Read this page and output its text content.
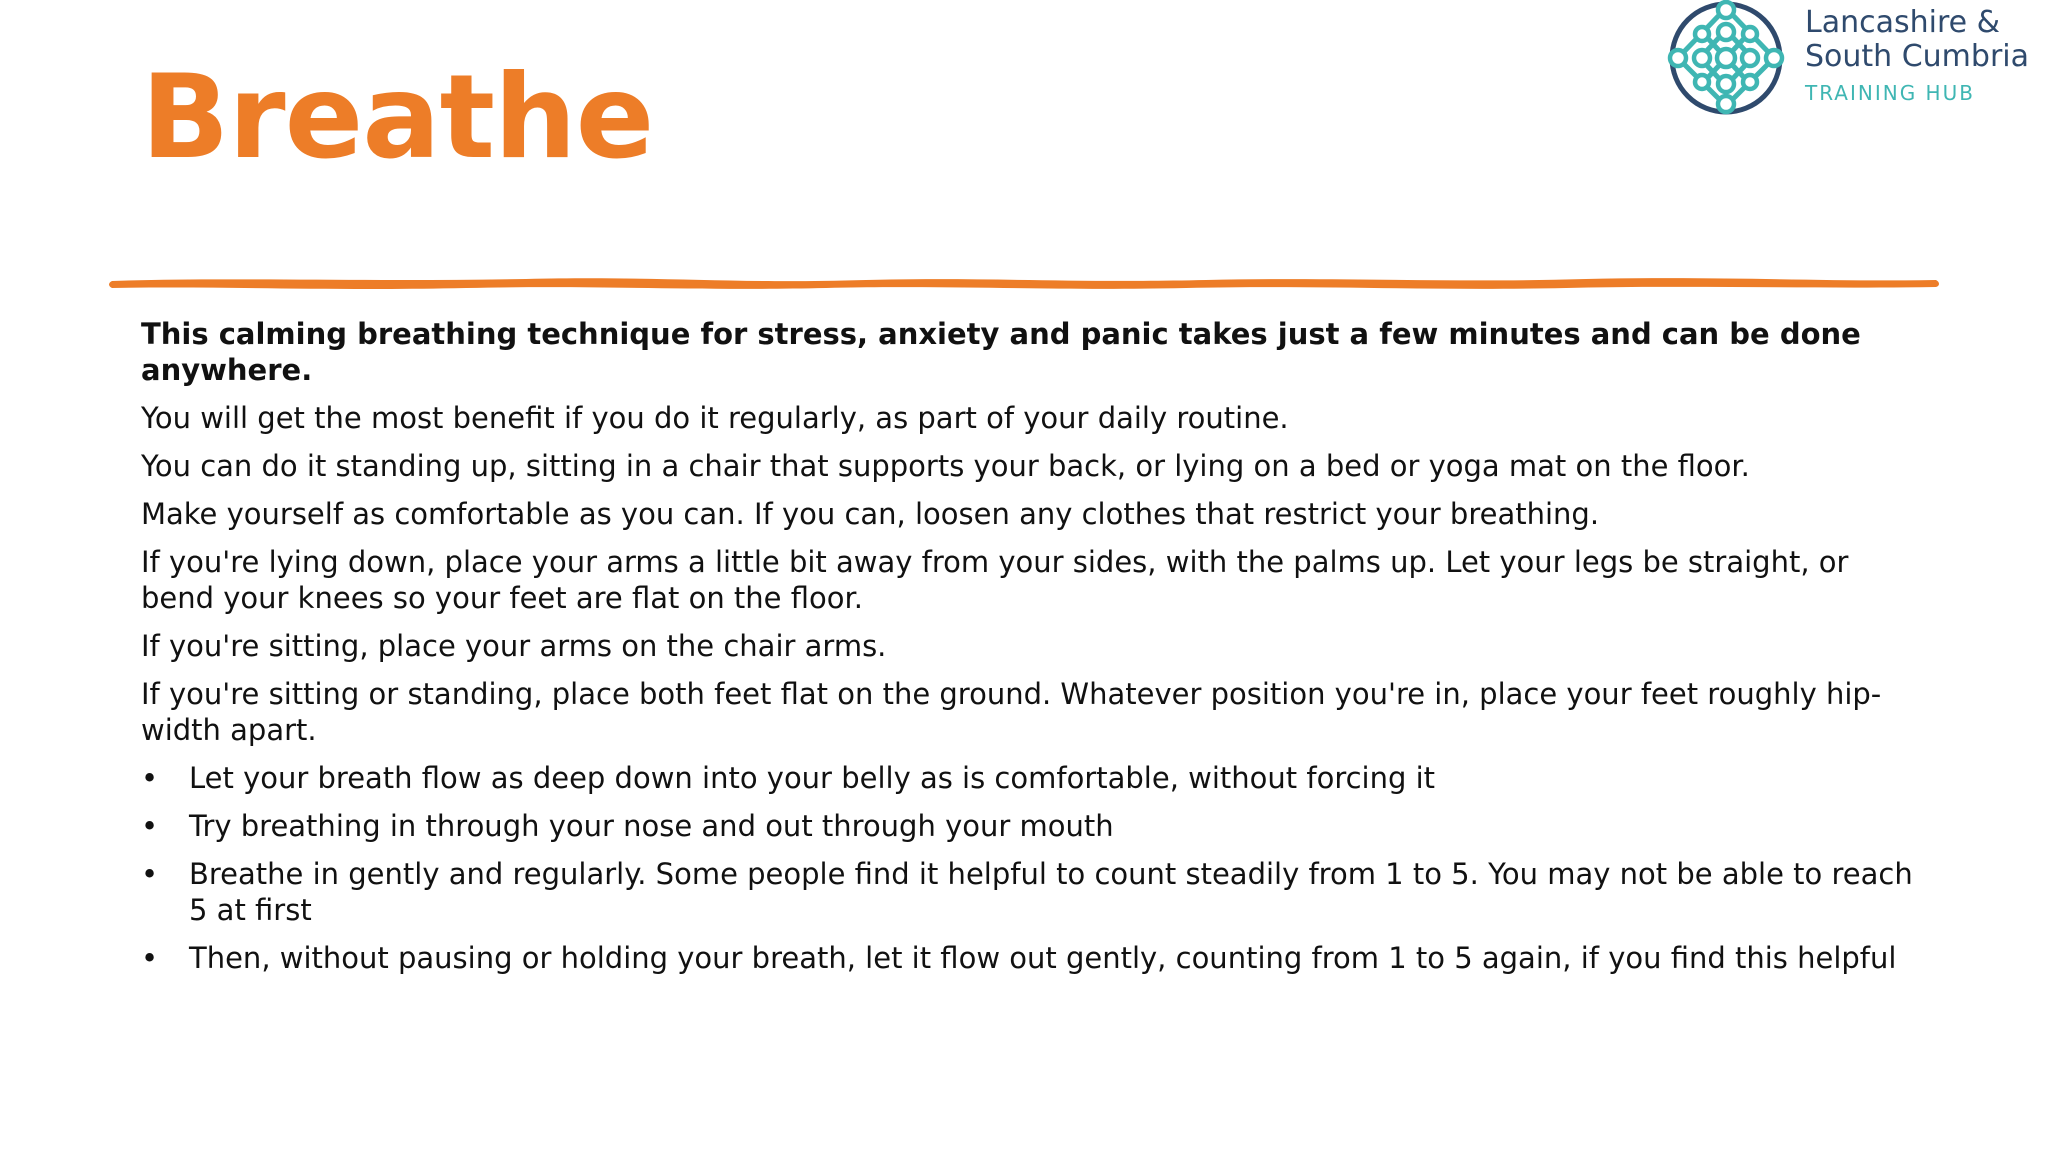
Breathe
Lancashire &
South Cumbria
TRAINING HUB

This calming breathing technique for stress, anxiety and panic takes just a few minutes and can be done anywhere.

You will get the most benefit if you do it regularly, as part of your daily routine.

You can do it standing up, sitting in a chair that supports your back, or lying on a bed or yoga mat on the floor.

Make yourself as comfortable as you can. If you can, loosen any clothes that restrict your breathing.

If you're lying down, place your arms a little bit away from your sides, with the palms up. Let your legs be straight, or bend your knees so your feet are flat on the floor.

If you're sitting, place your arms on the chair arms.

If you're sitting or standing, place both feet flat on the ground. Whatever position you're in, place your feet roughly hip-width apart.

• Let your breath flow as deep down into your belly as is comfortable, without forcing it
• Try breathing in through your nose and out through your mouth
• Breathe in gently and regularly. Some people find it helpful to count steadily from 1 to 5. You may not be able to reach 5 at first
• Then, without pausing or holding your breath, let it flow out gently, counting from 1 to 5 again, if you find this helpful
